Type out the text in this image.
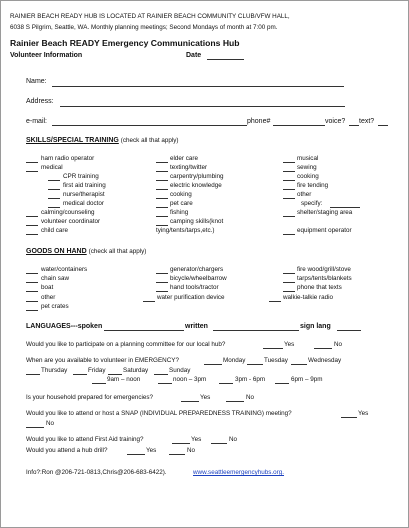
RAINIER BEACH READY HUB IS LOCATED AT RAINIER BEACH COMMUNITY CLUB/VFW HALL,
6038 S Pilgrim, Seattle, WA. Monthly planning meetings; Second Mondays of month at 7:00 pm.
Rainier Beach READY Emergency Communications Hub
Volunteer Information	Date
Name:
Address:
e-mail:	phone#	voice? text?
SKILLS/SPECIAL TRAINING (check all that apply)
ham radio operator
medical
CPR training
first aid training
nurse/therapist
medical doctor
calming/counseling
volunteer coordinator
child care
elder care
texting/twitter
carpentry/plumbing
electric knowledge
cooking
pet care
fishing
camping skills(knot
tying/tents/tarps,etc.)
musical
sewing
cooking
fire tending
other
specify:
shelter/staging area
equipment operator
GOODS ON HAND (check all that apply)
water/containers
chain saw
boat
other
pet crates
generator/chargers
bicycle/wheelbarrow
hand tools/tractor
water purification device
fire wood/grill/stove
tarps/tents/blankets
phone that texts
walkie-talkie radio
LANGUAGES---spoken	written	sign lang
Would you like to participate on a planning committee for our local hub?	Yes	No
When are you available to volunteer in EMERGENCY?	Monday	Tuesday	Wednesday
Thursday	Friday	Saturday	Sunday
9am – noon	noon – 3pm	3pm - 6pm	6pm – 9pm
Is your household prepared for emergencies?	Yes	No
Would you like to attend or host a SNAP (INDIVIDUAL PREPAREDNESS TRAINING) meeting?	Yes
No
Would you like to attend First Aid training?	Yes	No
Would you attend a hub drill?	Yes	No
Info?:Ron @206-721-0813,Chris@206-683-6422).	www.seattleemergencyhubs.org.
